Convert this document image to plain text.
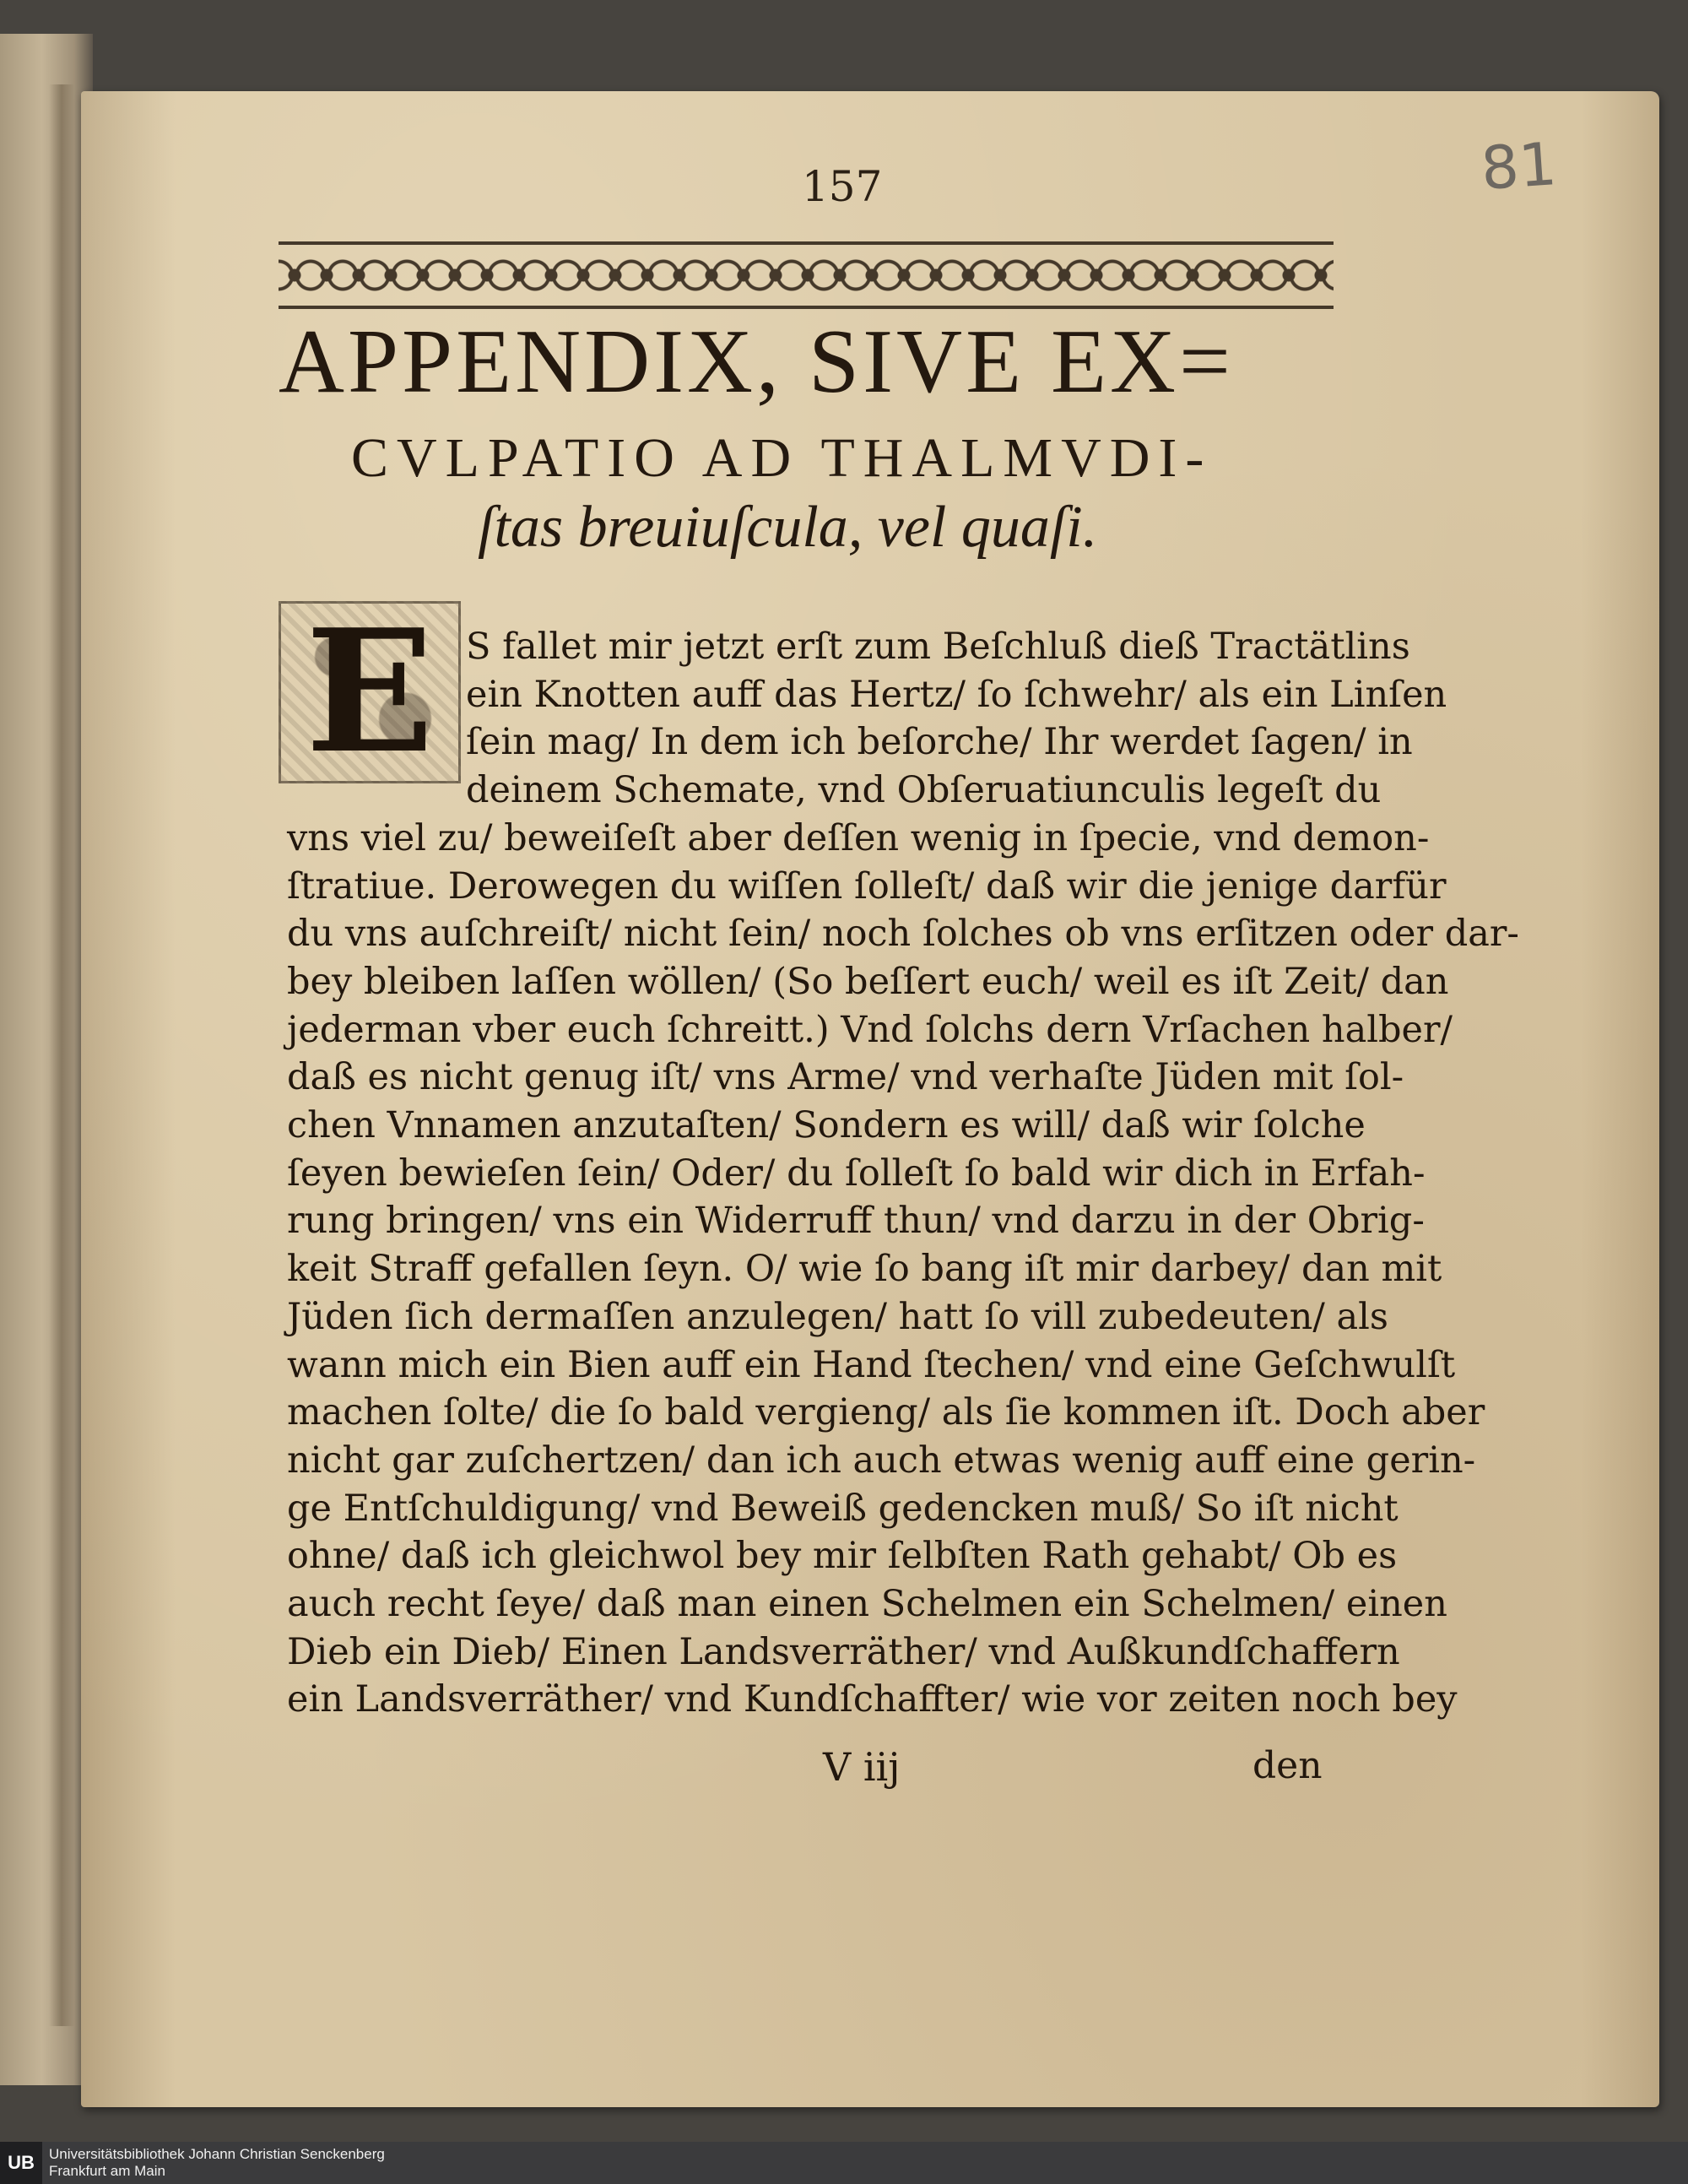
157	81
APPENDIX, SIVE EX=
CVLPATIO AD THALMVDI-
ſtas breuiuſcula, vel quaſi.
E S fallet mir jetzt erſt zum Beſchluß dieß Tractätlins
ein Knotten auff das Hertz/ ſo ſchwehr/ als ein Linſen
ſein mag/ In dem ich beſorche/ Ihr werdet ſagen/ in
deinem Schemate, vnd Obſeruatiunculis legeſt du
vns viel zu/ beweiſeſt aber deſſen wenig in ſpecie, vnd demon-
ſtratiue. Derowegen du wiſſen ſolleſt/ daß wir die jenige darfür
du vns auſchreiſt/ nicht ſein/ noch ſolches ob vns erſitzen oder dar-
bey bleiben laſſen wöllen/ (So beſſert euch/ weil es iſt Zeit/ dan
jederman vber euch ſchreitt.) Vnd ſolchs dern Vrſachen halber/
daß es nicht genug iſt/ vns Arme/ vnd verhaſte Jüden mit ſol-
chen Vnnamen anzutaſten/ Sondern es will/ daß wir ſolche
ſeyen bewieſen ſein/ Oder/ du ſolleſt ſo bald wir dich in Erfah-
rung bringen/ vns ein Widerruff thun/ vnd darzu in der Obrig-
keit Straff gefallen ſeyn. O/ wie ſo bang iſt mir darbey/ dan mit
Jüden ſich dermaſſen anzulegen/ hatt ſo vill zubedeuten/ als
wann mich ein Bien auff ein Hand ſtechen/ vnd eine Geſchwulſt
machen ſolte/ die ſo bald vergieng/ als ſie kommen iſt. Doch aber
nicht gar zuſchertzen/ dan ich auch etwas wenig auff eine gerin-
ge Entſchuldigung/ vnd Beweiß gedencken muß/ So iſt nicht
ohne/ daß ich gleichwol bey mir ſelbſten Rath gehabt/ Ob es
auch recht ſeye/ daß man einen Schelmen ein Schelmen/ einen
Dieb ein Dieb/ Einen Landsverräther/ vnd Außkundſchaffern
ein Landsverräther/ vnd Kundſchaffter/ wie vor zeiten noch bey
V iij	den
UB	Universitätsbibliothek Johann Christian Senckenberg
Frankfurt am Main
